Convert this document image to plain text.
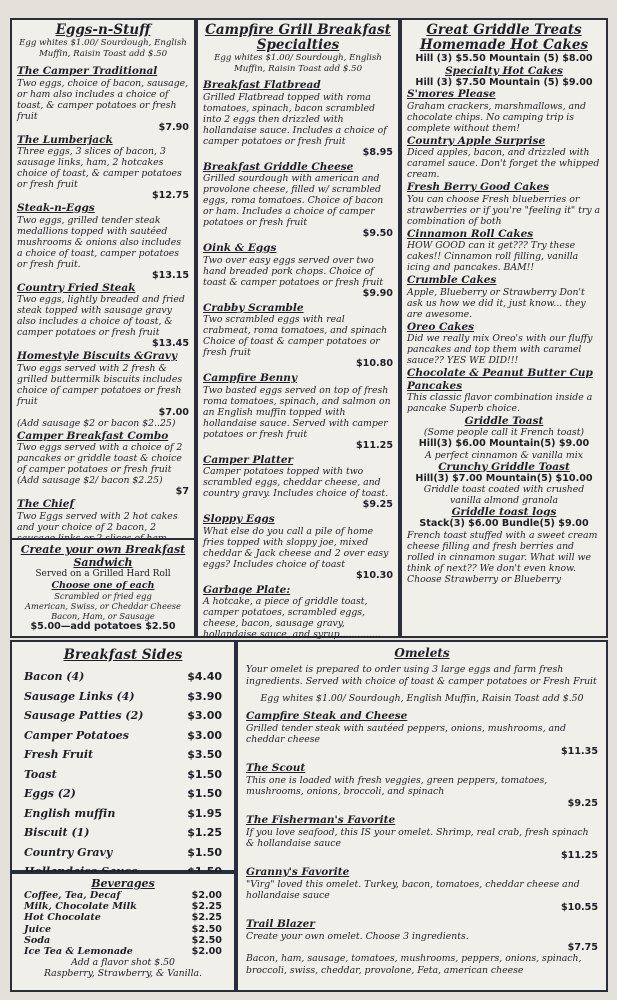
Eggs-n-Stuff
Egg whites $1.00/ Sourdough, English Muffin, Raisin Toast add $.50
The Camper Traditional
Two eggs, choice of bacon, sausage, or ham also includes a choice of toast, & camper potatoes or fresh fruit
$7.90
The Lumberjack
Three eggs, 3 slices of bacon, 3 sausage links, ham, 2 hotcakes choice of toast, & camper potatoes or fresh fruit
$12.75
Steak-n-Eggs
Two eggs, grilled tender steak medallions topped with sautéed mushrooms & onions also includes a choice of toast, camper potatoes or fresh fruit.
$13.15
Country Fried Steak
Two eggs, lightly breaded and fried steak topped with sausage gravy also includes a choice of toast, & camper potatoes or fresh fruit
$13.45
Homestyle Biscuits &Gravy
Two eggs served with 2 fresh & grilled buttermilk biscuits includes choice of camper potatoes or fresh fruit
$7.00
(Add sausage $2 or bacon $2..25)
Camper Breakfast Combo
Two eggs served with a choice of 2 pancakes or griddle toast & choice of camper potatoes or fresh fruit (Add sausage $2/ bacon $2.25)
$7
The Chief
Two Eggs served with 2 hot cakes and your choice of 2 bacon, 2
Create your own Breakfast Sandwich
Served on a Grilled Hard Roll
Choose one of each
Scrambled or fried egg
American, Swiss, or Cheddar Cheese
Bacon, Ham, or Sausage
$5.00—add potatoes $2.50
Campfire Grill Breakfast Specialties
Egg whites $1.00/ Sourdough, English Muffin, Raisin Toast add $.50
Breakfast Flatbread
Grilled Flatbread topped with roma tomatoes, spinach, bacon scrambled into 2 eggs then drizzled with hollandaise sauce. Includes a choice of camper potatoes or fresh fruit
$8.95
Breakfast Griddle Cheese
Grilled sourdough with american and provolone cheese, filled w/ scrambled eggs, roma tomatoes. Choice of bacon or ham. Includes a choice of camper potatoes or fresh fruit
$9.50
Oink & Eggs
Two over easy eggs served over two hand breaded pork chops. Choice of toast & camper potatoes or fresh fruit
$9.90
Crabby Scramble
Two scrambled eggs with real crabmeat, roma tomatoes, and spinach Choice of toast & camper potatoes or fresh fruit
$10.80
Campfire Benny
Two basted eggs served on top of fresh roma tomatoes, spinach, and salmon on an English muffin topped with hollandaise sauce. Served with camper potatoes or fresh fruit
$11.25
Camper Platter
Camper potatoes topped with two scrambled eggs, cheddar cheese, and country gravy. Includes choice of toast.
$9.25
Sloppy Eggs
What else do you call a pile of home fries topped with sloppy joe, mixed cheddar & Jack cheese and 2 over easy eggs? Includes choice of toast
$10.30
Garbage Plate:
A hotcake, a piece of griddle toast, camper potatoes, scrambled eggs, cheese, bacon, sausage gravy, hollandaise sauce, and syrup..............
Great Griddle Treats
Homemade Hot Cakes
Hill (3) $5.50 Mountain (5) $8.00
Specialty Hot Cakes
Hill (3) $7.50 Mountain (5) $9.00
S'mores Please
Graham crackers, marshmallows, and chocolate chips. No camping trip is complete without them!
Country Apple Surprise
Diced apples, bacon, and drizzled with caramel sauce. Don't forget the whipped cream.
Fresh Berry Good Cakes
You can choose Fresh blueberries or strawberries or if you're "feeling it" try a combination of both
Cinnamon Roll Cakes
HOW GOOD can it get??? Try these cakes!! Cinnamon roll filling, vanilla icing and pancakes. BAM!!
Crumble Cakes
Apple, Blueberry or Strawberry Don't ask us how we did it, just know... they are awesome.
Oreo Cakes
Did we really mix Oreo's with our fluffy pancakes and top them with caramel sauce?? YES WE DID!!!
Chocolate & Peanut Butter Cup Pancakes
This classic flavor combination inside a pancake Superb choice.
Griddle Toast
(Some people call it French toast)
Hill(3) $6.00 Mountain(5) $9.00
A perfect cinnamon & vanilla mix
Crunchy Griddle Toast
Hill(3) $7.00 Mountain(5) $10.00
Griddle toast coated with crushed vanilla almond granola
Griddle toast logs
Stack(3) $6.00 Bundle(5) $9.00
French toast stuffed with a sweet cream cheese filling and fresh berries and rolled in cinnamon sugar. What will we think of next?? We don't even know. Choose Strawberry or Blueberry
Breakfast Sides
Bacon (4)	$4.40
Sausage Links (4)	$3.90
Sausage Patties (2)	$3.00
Camper Potatoes	$3.00
Fresh Fruit	$3.50
Toast	$1.50
Eggs (2)	$1.50
English muffin	$1.95
Biscuit (1)	$1.25
Country Gravy	$1.50
Beverages
Coffee, Tea, Decaf	$2.00
Milk, Chocolate Milk	$2.25
Hot Chocolate	$2.25
Juice	$2.50
Soda	$2.50
Ice Tea & Lemonade	$2.00
Add a flavor shot $.50
Raspberry, Strawberry, & Vanilla.
Omelets
Your omelet is prepared to order using 3 large eggs and farm fresh ingredients. Served with choice of toast & camper potatoes or Fresh Fruit
Egg whites $1.00/ Sourdough, English Muffin, Raisin Toast add $.50
Campfire Steak and Cheese
Grilled tender steak with sautéed peppers, onions, mushrooms, and cheddar cheese
$11.35
The Scout
This one is loaded with fresh veggies, green peppers, tomatoes, mushrooms, onions, broccoli, and spinach
$9.25
The Fisherman's Favorite
If you love seafood, this IS your omelet. Shrimp, real crab, fresh spinach & hollandaise sauce
$11.25
Granny's Favorite
"Virg" loved this omelet. Turkey, bacon, tomatoes, cheddar cheese and hollandaise sauce
$10.55
Trail Blazer
Create your own omelet. Choose 3 ingredients.
$7.75
Bacon, ham, sausage, tomatoes, mushrooms, peppers, onions, spinach, broccoli, swiss, cheddar, provolone, Feta, american cheese
